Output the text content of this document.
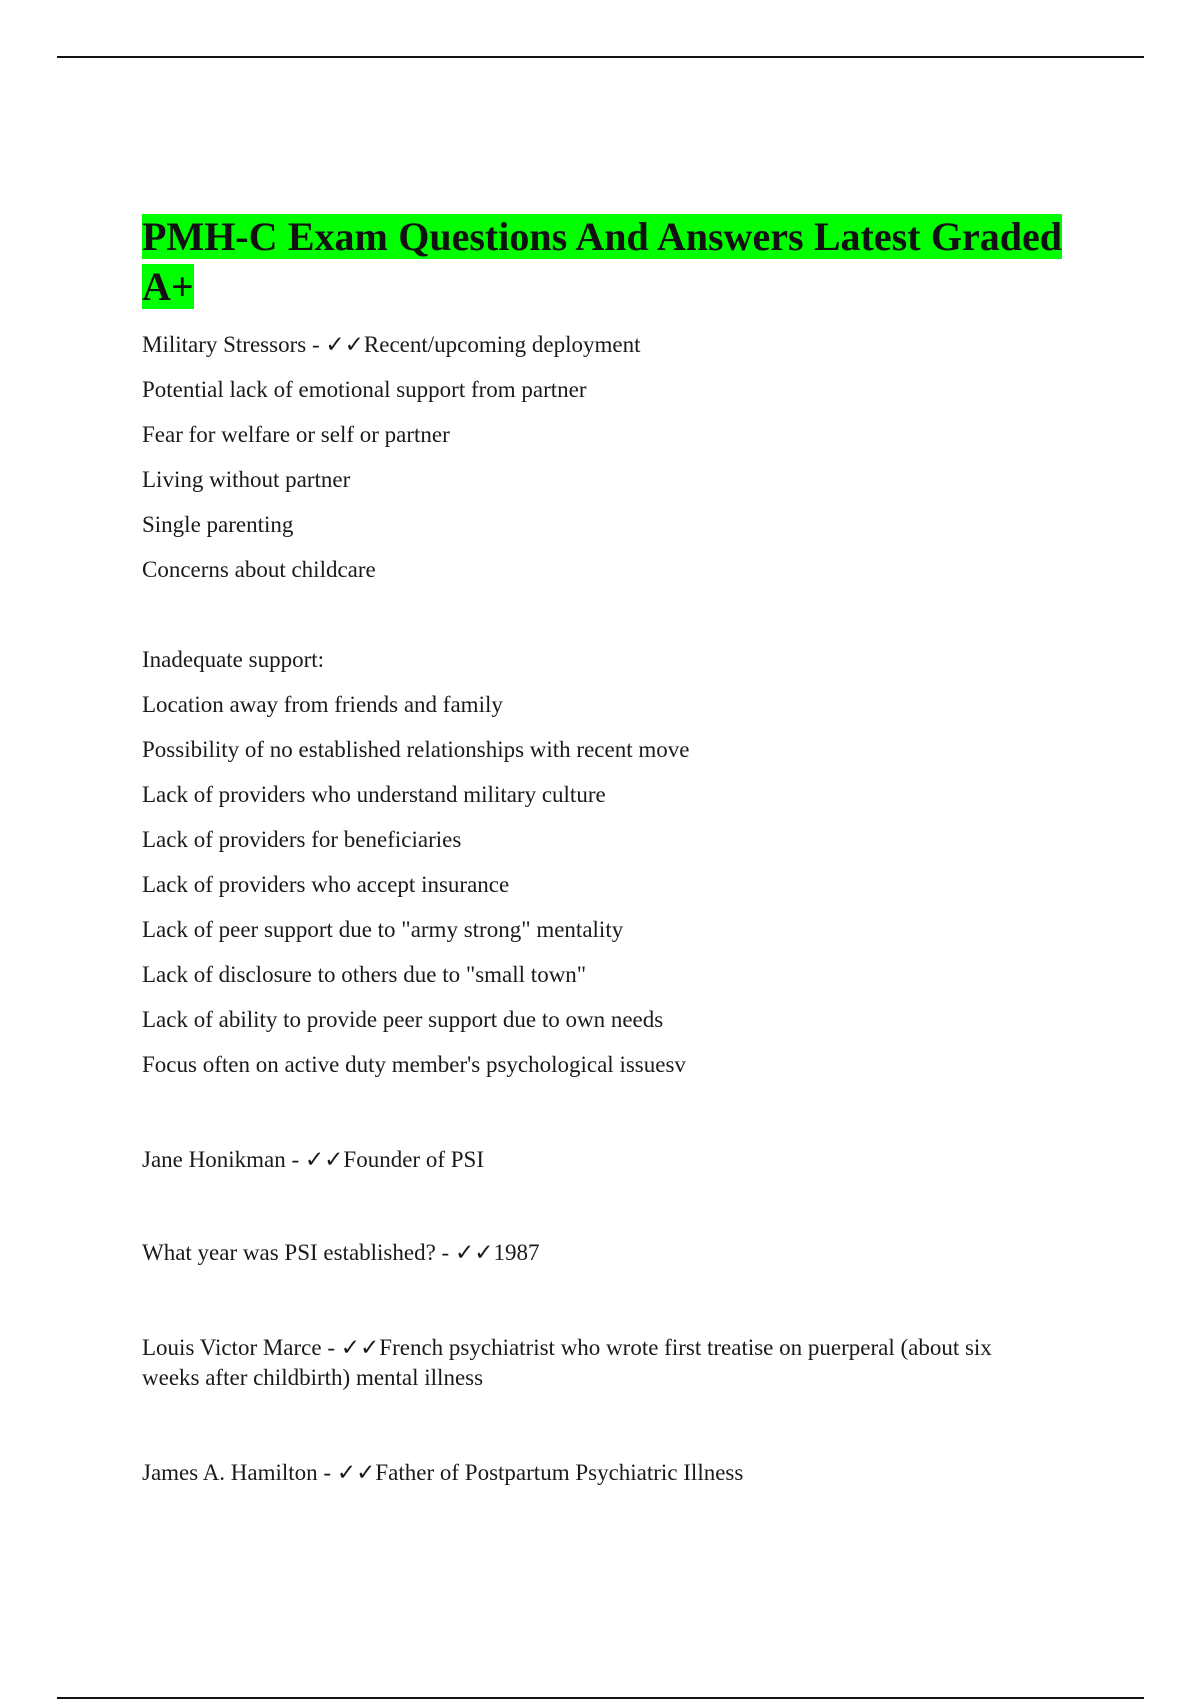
PMH-C Exam Questions And Answers Latest Graded A+

Military Stressors - ✓✓Recent/upcoming deployment

Potential lack of emotional support from partner

Fear for welfare or self or partner

Living without partner

Single parenting

Concerns about childcare

Inadequate support:

Location away from friends and family

Possibility of no established relationships with recent move

Lack of providers who understand military culture

Lack of providers for beneficiaries

Lack of providers who accept insurance

Lack of peer support due to "army strong" mentality

Lack of disclosure to others due to "small town"

Lack of ability to provide peer support due to own needs

Focus often on active duty member's psychological issuesv

Jane Honikman - ✓✓Founder of PSI

What year was PSI established? - ✓✓1987

Louis Victor Marce - ✓✓French psychiatrist who wrote first treatise on puerperal (about six weeks after childbirth) mental illness

James A. Hamilton - ✓✓Father of Postpartum Psychiatric Illness
